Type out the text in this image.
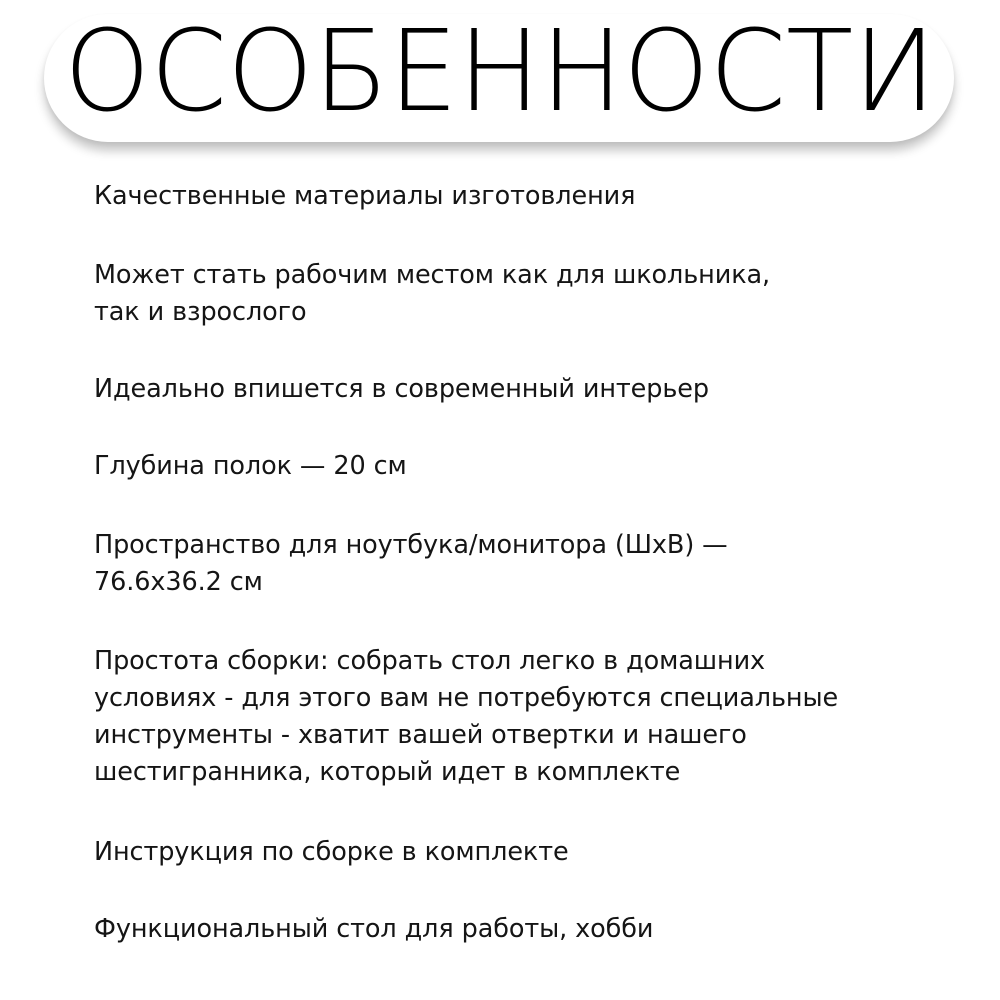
ОСОБЕННОСТИ
Качественные материалы изготовления
Может стать рабочим местом как для школьника,
так и взрослого
Идеально впишется в современный интерьер
Глубина полок — 20 см
Пространство для ноутбука/монитора (ШхВ) —
76.6x36.2 см
Простота сборки: собрать стол легко в домашних
условиях - для этого вам не потребуются специальные
инструменты - хватит вашей отвертки и нашего
шестигранника, который идет в комплекте
Инструкция по сборке в комплекте
Функциональный стол для работы, хобби
